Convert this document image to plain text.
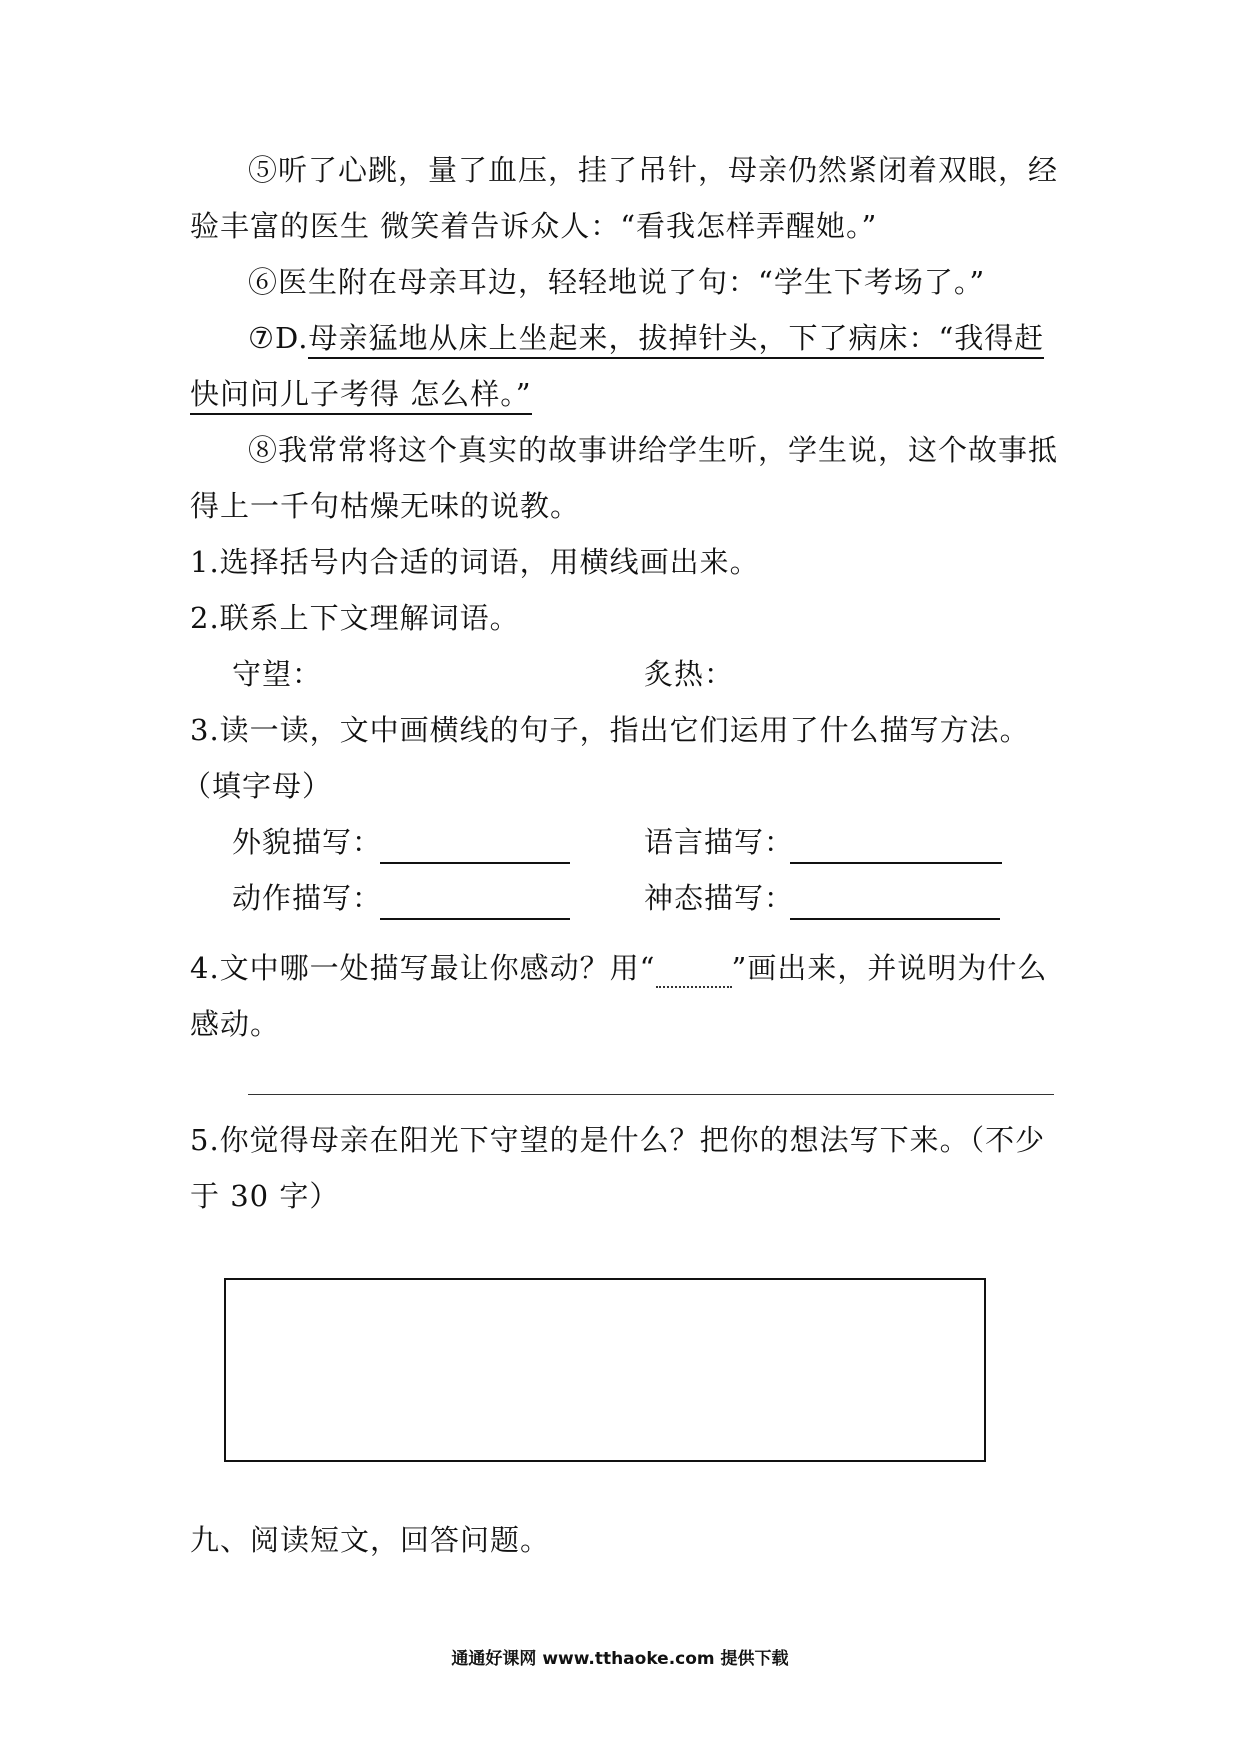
⑤听了心跳，量了血压，挂了吊针，母亲仍然紧闭着双眼，经
验丰富的医生 微笑着告诉众人：“看我怎样弄醒她。”
⑥医生附在母亲耳边，轻轻地说了句：“学生下考场了。”
⑦D.母亲猛地从床上坐起来，拔掉针头，下了病床：“我得赶
快问问儿子考得 怎么样。”
⑧我常常将这个真实的故事讲给学生听，学生说，这个故事抵
得上一千句枯燥无味的说教。
1.选择括号内合适的词语，用横线画出来。
2.联系上下文理解词语。
守望：	炙热：
3.读一读，文中画横线的句子，指出它们运用了什么描写方法。
（填字母）
外貌描写：	语言描写：
动作描写：	神态描写：
4.文中哪一处描写最让你感动？用“	”画出来，并说明为什么
感动。
5.你觉得母亲在阳光下守望的是什么？把你的想法写下来。（不少
于 30 字）
九、阅读短文，回答问题。
通通好课网 www.tthaoke.com 提供下载
